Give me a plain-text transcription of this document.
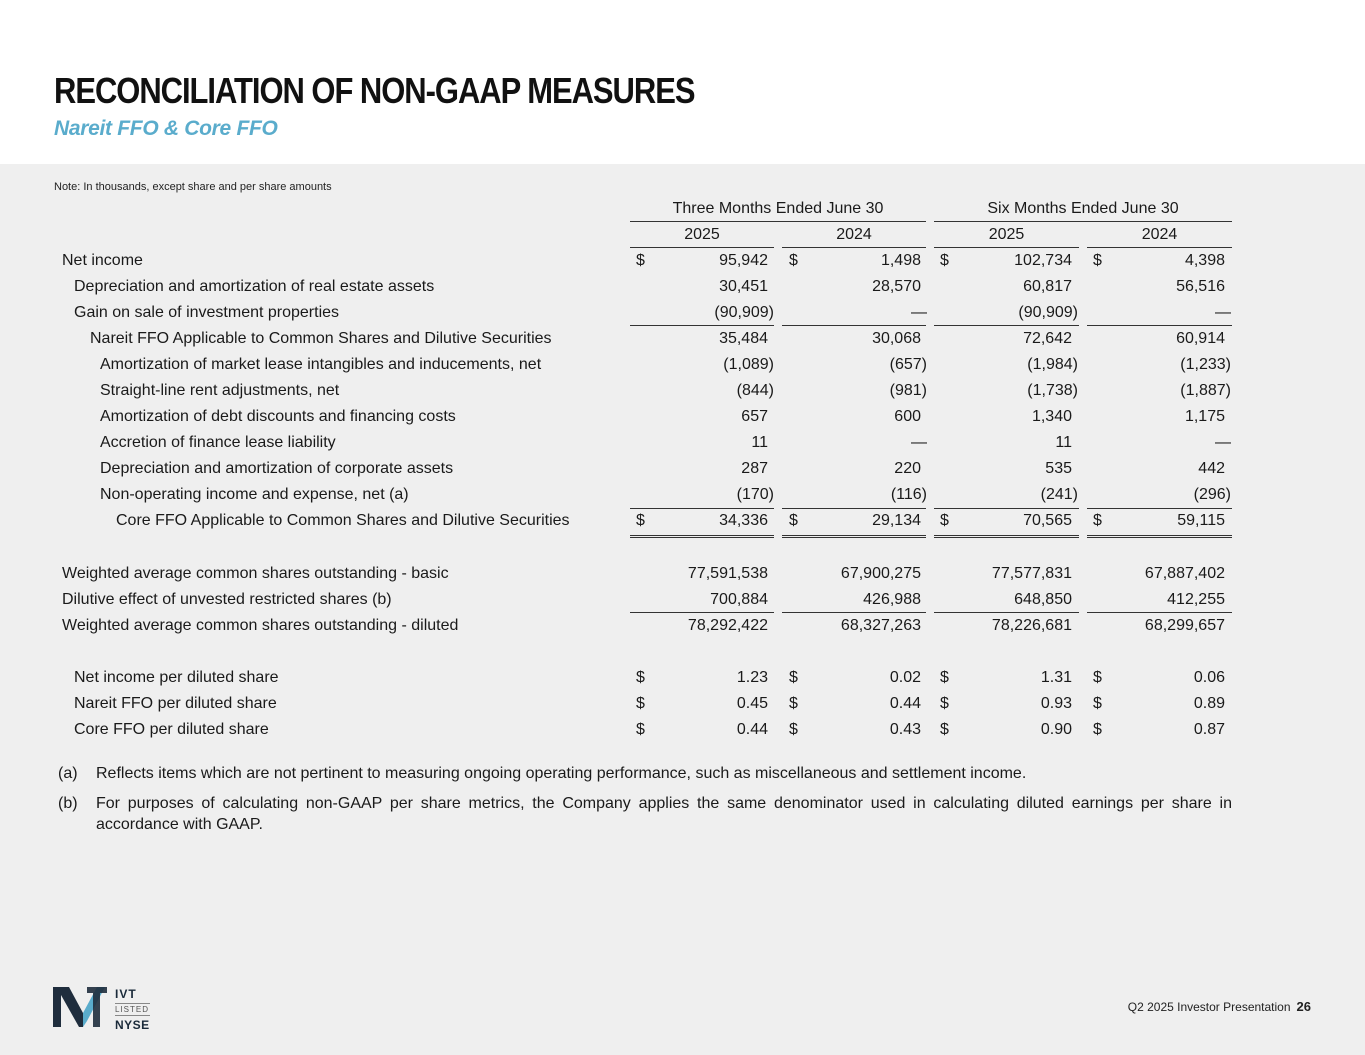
RECONCILIATION OF NON-GAAP MEASURES
Nareit FFO & Core FFO
Note: In thousands, except share and per share amounts
Three Months Ended June 30	Six Months Ended June 30
2025	2024	2025	2024
Net income	$	95,942 $	1,498 $	102,734 $	4,398
Depreciation and amortization of real estate assets	30,451	28,570	60,817	56,516
Gain on sale of investment properties	(90,909)	—	(90,909)	—
Nareit FFO Applicable to Common Shares and Dilutive Securities	35,484	30,068	72,642	60,914
Amortization of market lease intangibles and inducements, net	(1,089)	(657)	(1,984)	(1,233)
Straight-line rent adjustments, net	(844)	(981)	(1,738)	(1,887)
Amortization of debt discounts and financing costs	657	600	1,340	1,175
Accretion of finance lease liability	11	—	11	—
Depreciation and amortization of corporate assets	287	220	535	442
Non-operating income and expense, net (a)	(170)	(116)	(241)	(296)
Core FFO Applicable to Common Shares and Dilutive Securities	$	34,336 $	29,134 $	70,565 $	59,115
Weighted average common shares outstanding - basic	77,591,538	67,900,275	77,577,831	67,887,402
Dilutive effect of unvested restricted shares (b)	700,884	426,988	648,850	412,255
Weighted average common shares outstanding - diluted	78,292,422	68,327,263	78,226,681	68,299,657
Net income per diluted share	$	1.23 $	0.02 $	1.31 $	0.06
Nareit FFO per diluted share	$	0.45 $	0.44 $	0.93 $	0.89
Core FFO per diluted share	$	0.44 $	0.43 $	0.90 $	0.87
(a) Reflects items which are not pertinent to measuring ongoing operating performance, such as miscellaneous and settlement income.
(b) For purposes of calculating non-GAAP per share metrics, the Company applies the same denominator used in calculating diluted earnings per share in accordance with GAAP.
IVT
LISTED
NYSE
Q2 2025 Investor Presentation 26
